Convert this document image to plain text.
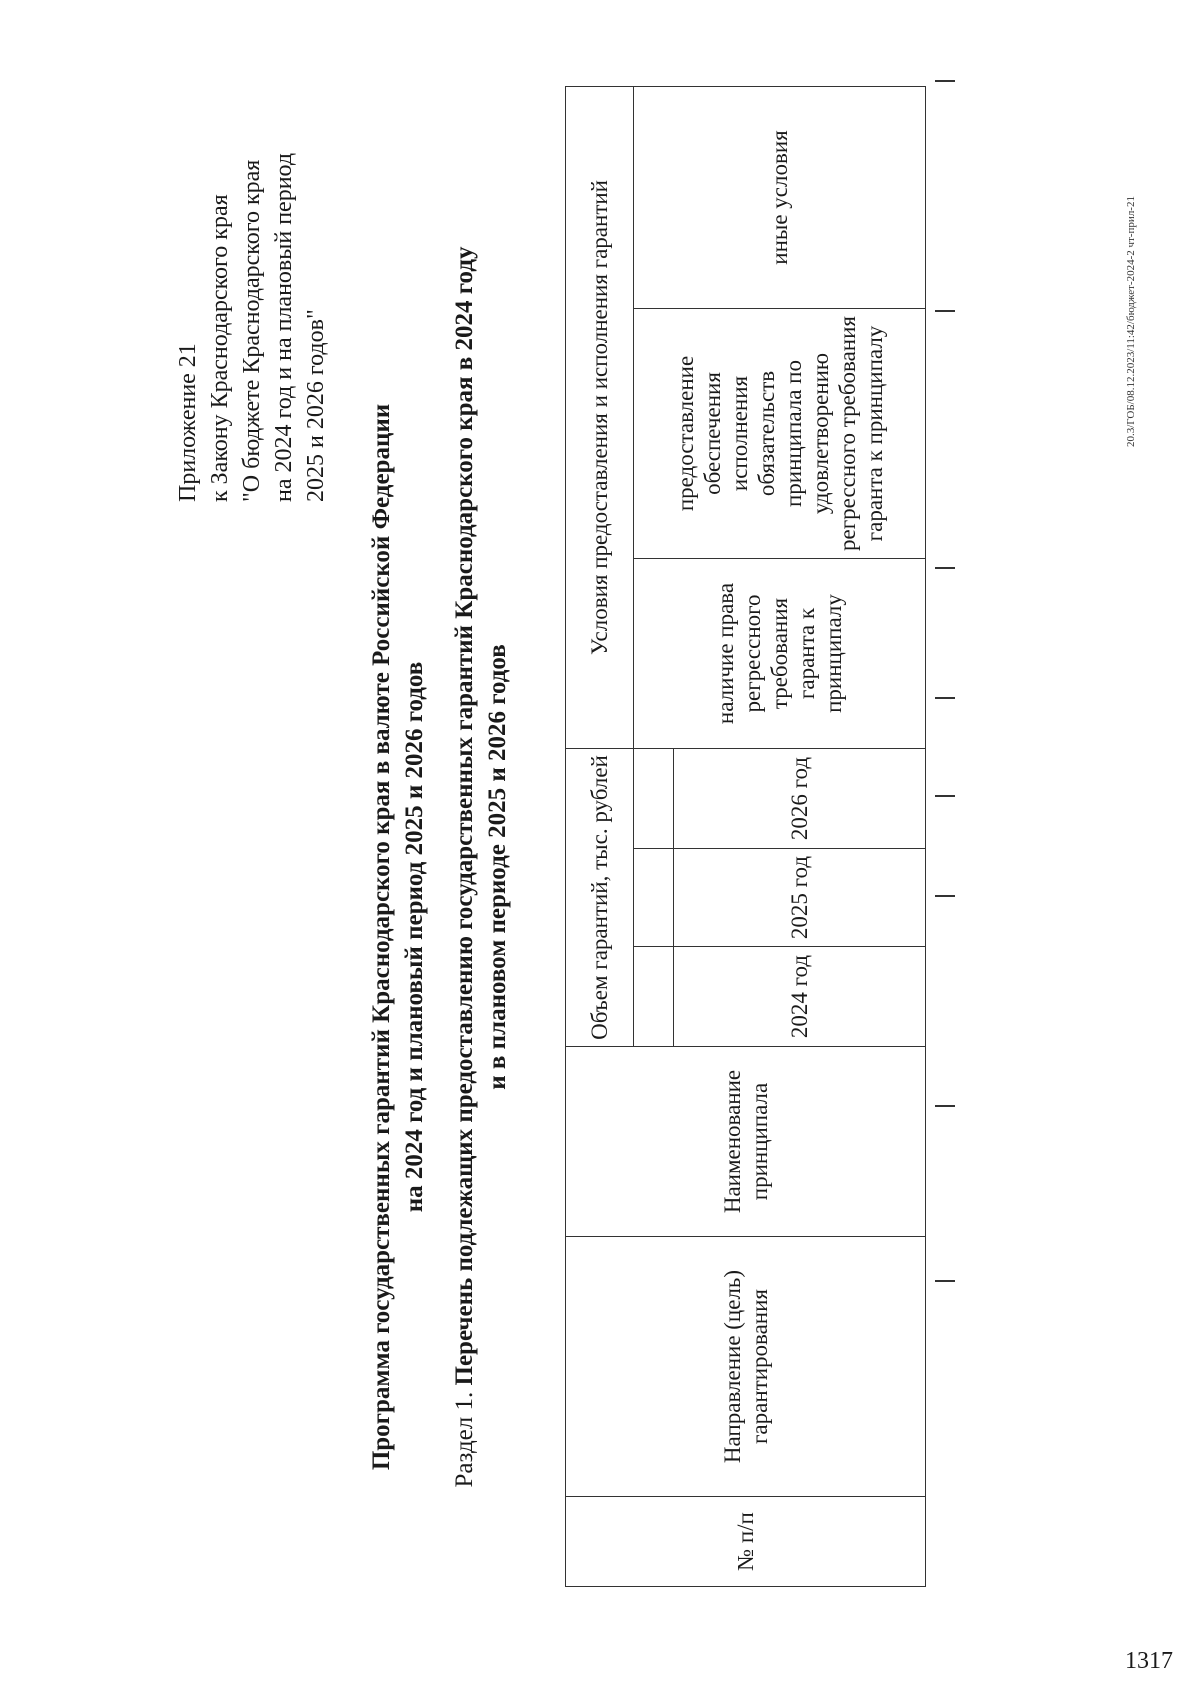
Приложение 21 к Закону Краснодарского края "О бюджете Краснодарского края на 2024 год и на плановый период 2025 и 2026 годов" Программа государственных гарантий Краснодарского края в валюте Российской Федерации на 2024 год и плановый период 2025 и 2026 годов
Раздел 1. Перечень подлежащих предоставлению государственных гарантий Краснодарского края в 2024 году и в плановом периоде 2025 и 2026 годов
№ п/п	Направление (цель) гарантирования	Наименование принципала	Объем гарантий, тыс. рублей			Условия предоставления и исполнения гарантий		
						наличие права регрессного требования гаранта к принципалу	предоставление обеспечения исполнения обязательств принципала по удовлетворению регрессного требования гаранта к принципалу	иные условия
			2024 год	2025 год	2026 год			
20.3/ГОБ/08.12.2023/11:42/бюджет-2024-2 чт-прил-21
1317
